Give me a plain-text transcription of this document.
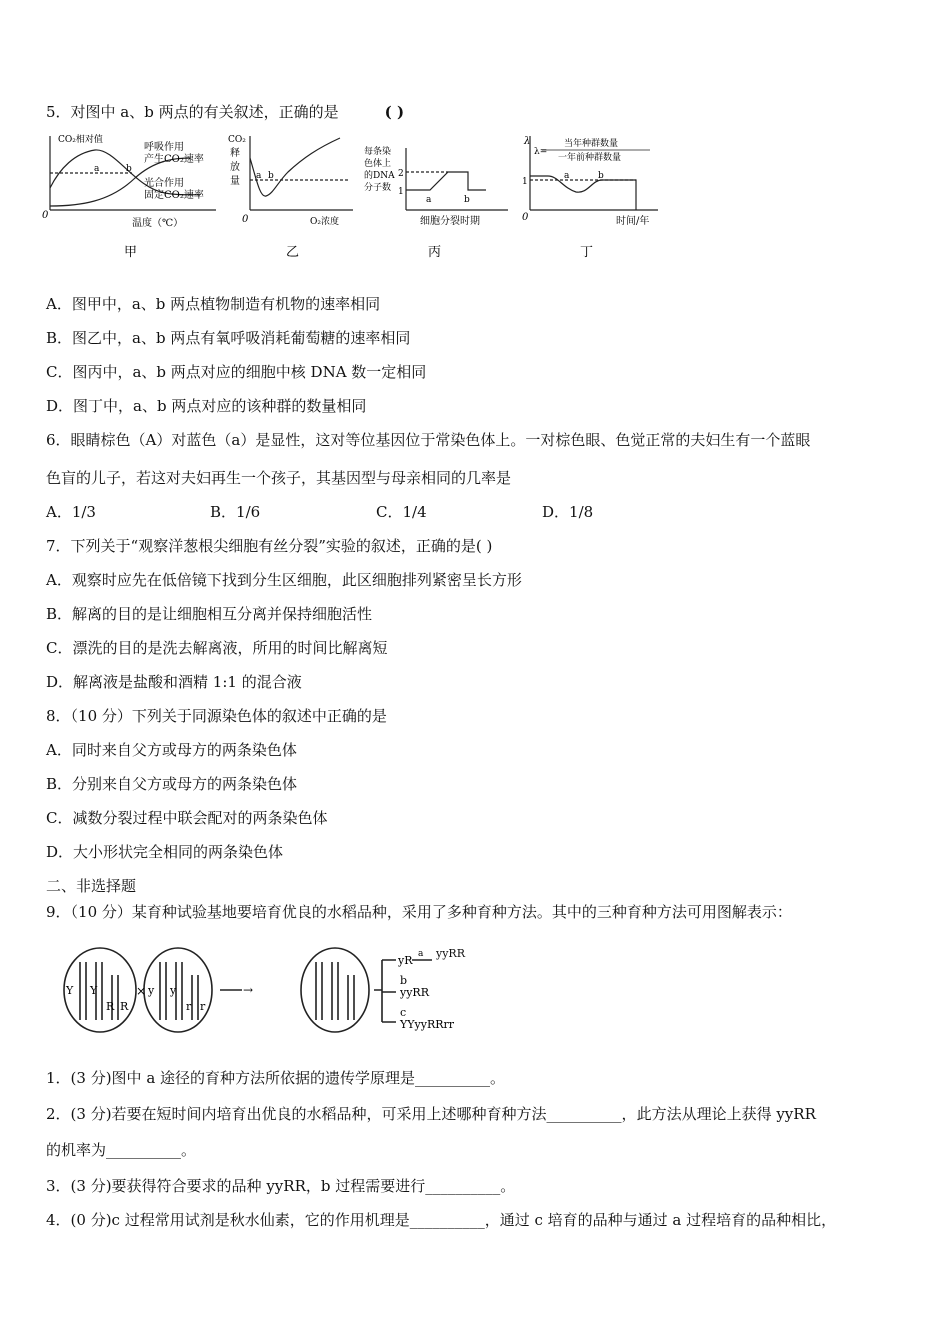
5．对图中 a、b 两点的有关叙述，正确的是	( )
CO₂相对值
呼吸作用
产生CO₂速率
光合作用
固定CO₂速率
a	b
0
温度（℃）
甲
CO₂
释
放
量 a b
0	O₂浓度
乙
每条染
色体上
的DNA
分子数
2
1
a	b
细胞分裂时期
丙
λ
λ=
当年种群数量
一年前种群数量
1
a	b
0	时间/年
丁
A．图甲中，a、b 两点植物制造有机物的速率相同
B．图乙中，a、b 两点有氧呼吸消耗葡萄糖的速率相同
C．图丙中，a、b 两点对应的细胞中核 DNA 数一定相同
D．图丁中，a、b 两点对应的该种群的数量相同
6．眼睛棕色（A）对蓝色（a）是显性，这对等位基因位于常染色体上。一对棕色眼、色觉正常的夫妇生有一个蓝眼
色盲的儿子，若这对夫妇再生一个孩子，其基因型与母亲相同的几率是
A．1/3	B．1/6	C．1/4	D．1/8
7．下列关于“观察洋葱根尖细胞有丝分裂”实验的叙述，正确的是( )
A．观察时应先在低倍镜下找到分生区细胞，此区细胞排列紧密呈长方形
B．解离的目的是让细胞相互分离并保持细胞活性
C．漂洗的目的是洗去解离液，所用的时间比解离短
D．解离液是盐酸和酒精 1:1 的混合液
8．（10 分）下列关于同源染色体的叙述中正确的是
A．同时来自父方或母方的两条染色体
B．分别来自父方或母方的两条染色体
C．减数分裂过程中联会配对的两条染色体
D．大小形状完全相同的两条染色体
二、非选择题
9．（10 分）某育种试验基地要培育优良的水稻品种，采用了多种育种方法。其中的三种育种方法可用图解表示：
Y Y
R R
× y y
r r
→
yR a
b
yyRR
c
YYyyRRrr
yyRR
1．(3 分)图中 a 途径的育种方法所依据的遗传学原理是__________。
2．(3 分)若要在短时间内培育出优良的水稻品种，可采用上述哪种育种方法__________，此方法从理论上获得 yyRR
的机率为__________。
3．(3 分)要获得符合要求的品种 yyRR，b 过程需要进行__________。
4．(0 分)c 过程常用试剂是秋水仙素，它的作用机理是__________，通过 c 培育的品种与通过 a 过程培育的品种相比，
